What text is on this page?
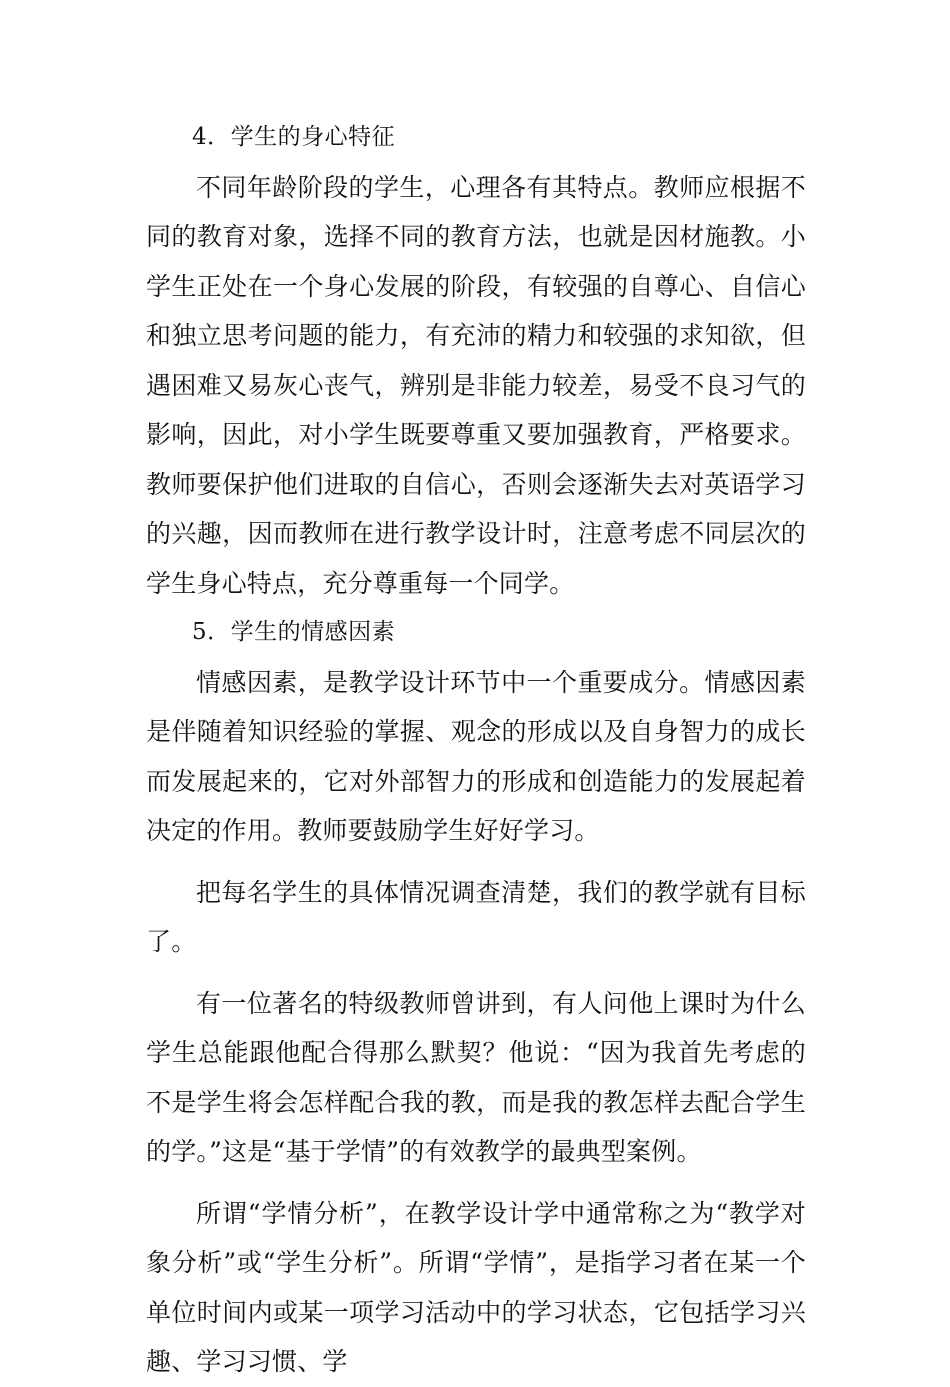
4．学生的身心特征

不同年龄阶段的学生，心理各有其特点。教师应根据不同的教育对象，选择不同的教育方法，也就是因材施教。小学生正处在一个身心发展的阶段，有较强的自尊心、自信心和独立思考问题的能力，有充沛的精力和较强的求知欲，但遇困难又易灰心丧气，辨别是非能力较差，易受不良习气的影响，因此，对小学生既要尊重又要加强教育，严格要求。教师要保护他们进取的自信心，否则会逐渐失去对英语学习的兴趣，因而教师在进行教学设计时，注意考虑不同层次的学生身心特点，充分尊重每一个同学。

5．学生的情感因素

情感因素，是教学设计环节中一个重要成分。情感因素是伴随着知识经验的掌握、观念的形成以及自身智力的成长而发展起来的，它对外部智力的形成和创造能力的发展起着决定的作用。教师要鼓励学生好好学习。

把每名学生的具体情况调查清楚，我们的教学就有目标了。

有一位著名的特级教师曾讲到，有人问他上课时为什么学生总能跟他配合得那么默契？他说：“因为我首先考虑的不是学生将会怎样配合我的教，而是我的教怎样去配合学生的学。”这是“基于学情”的有效教学的最典型案例。

所谓“学情分析”，在教学设计学中通常称之为“教学对象分析”或“学生分析”。所谓“学情”，是指学习者在某一个单位时间内或某一项学习活动中的学习状态，它包括学习兴趣、学习习惯、学
